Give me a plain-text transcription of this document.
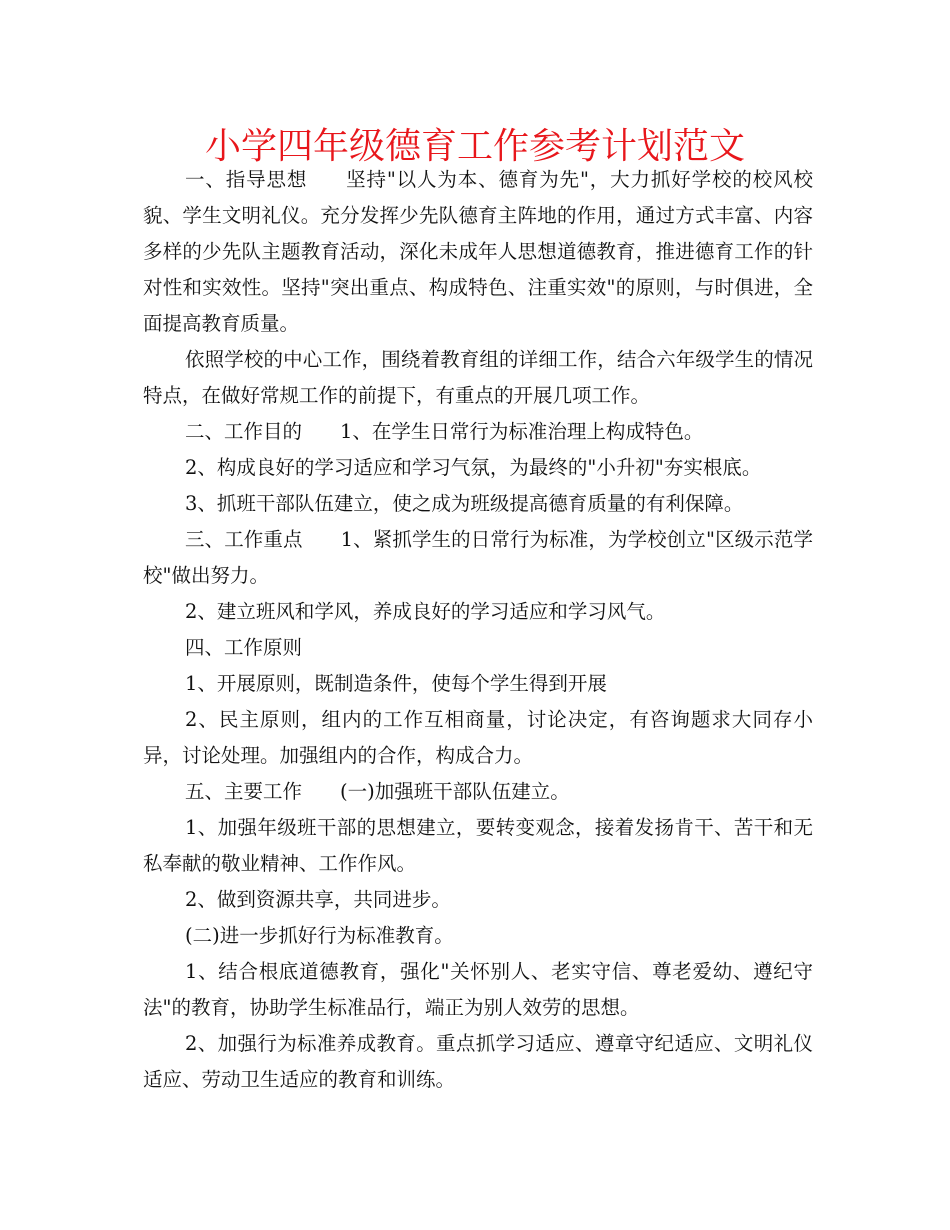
小学四年级德育工作参考计划范文

一、指导思想 坚持"以人为本、德育为先"，大力抓好学校的校风校貌、学生文明礼仪。充分发挥少先队德育主阵地的作用，通过方式丰富、内容多样的少先队主题教育活动，深化未成年人思想道德教育，推进德育工作的针对性和实效性。坚持"突出重点、构成特色、注重实效"的原则，与时俱进，全面提高教育质量。

依照学校的中心工作，围绕着教育组的详细工作，结合六年级学生的情况特点，在做好常规工作的前提下，有重点的开展几项工作。

二、工作目的 1、在学生日常行为标准治理上构成特色。

2、构成良好的学习适应和学习气氛，为最终的"小升初"夯实根底。

3、抓班干部队伍建立，使之成为班级提高德育质量的有利保障。

三、工作重点 1、紧抓学生的日常行为标准，为学校创立"区级示范学校"做出努力。

2、建立班风和学风，养成良好的学习适应和学习风气。

四、工作原则

1、开展原则，既制造条件，使每个学生得到开展

2、民主原则，组内的工作互相商量，讨论决定，有咨询题求大同存小异，讨论处理。加强组内的合作，构成合力。

五、主要工作 (一)加强班干部队伍建立。

1、加强年级班干部的思想建立，要转变观念，接着发扬肯干、苦干和无私奉献的敬业精神、工作作风。

2、做到资源共享，共同进步。

(二)进一步抓好行为标准教育。

1、结合根底道德教育，强化"关怀别人、老实守信、尊老爱幼、遵纪守法"的教育，协助学生标准品行，端正为别人效劳的思想。

2、加强行为标准养成教育。重点抓学习适应、遵章守纪适应、文明礼仪适应、劳动卫生适应的教育和训练。
